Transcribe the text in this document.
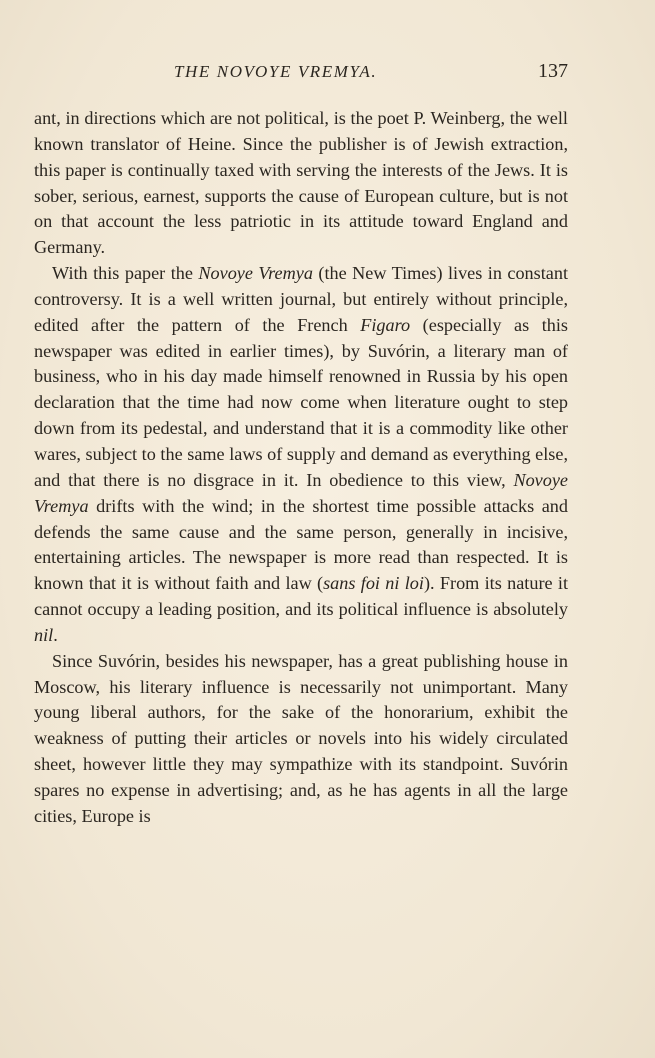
THE NOVOYE VREMYA.	137

ant, in directions which are not political, is the poet P. Weinberg, the well known translator of Heine. Since the publisher is of Jewish extraction, this paper is continually taxed with serving the interests of the Jews. It is sober, serious, earnest, supports the cause of European culture, but is not on that account the less patriotic in its attitude toward England and Germany.

With this paper the Novoye Vremya (the New Times) lives in constant controversy. It is a well written journal, but entirely without principle, edited after the pattern of the French Figaro (especially as this newspaper was edited in earlier times), by Suvórin, a literary man of business, who in his day made himself renowned in Russia by his open declaration that the time had now come when literature ought to step down from its pedestal, and understand that it is a commodity like other wares, subject to the same laws of supply and demand as everything else, and that there is no disgrace in it. In obedience to this view, Novoye Vremya drifts with the wind; in the shortest time possible attacks and defends the same cause and the same person, generally in incisive, entertaining articles. The newspaper is more read than respected. It is known that it is without faith and law (sans foi ni loi). From its nature it cannot occupy a leading position, and its political influence is absolutely nil.

Since Suvórin, besides his newspaper, has a great publishing house in Moscow, his literary influence is necessarily not unimportant. Many young liberal authors, for the sake of the honorarium, exhibit the weakness of putting their articles or novels into his widely circulated sheet, however little they may sympathize with its standpoint. Suvórin spares no expense in advertising; and, as he has agents in all the large cities, Europe is
